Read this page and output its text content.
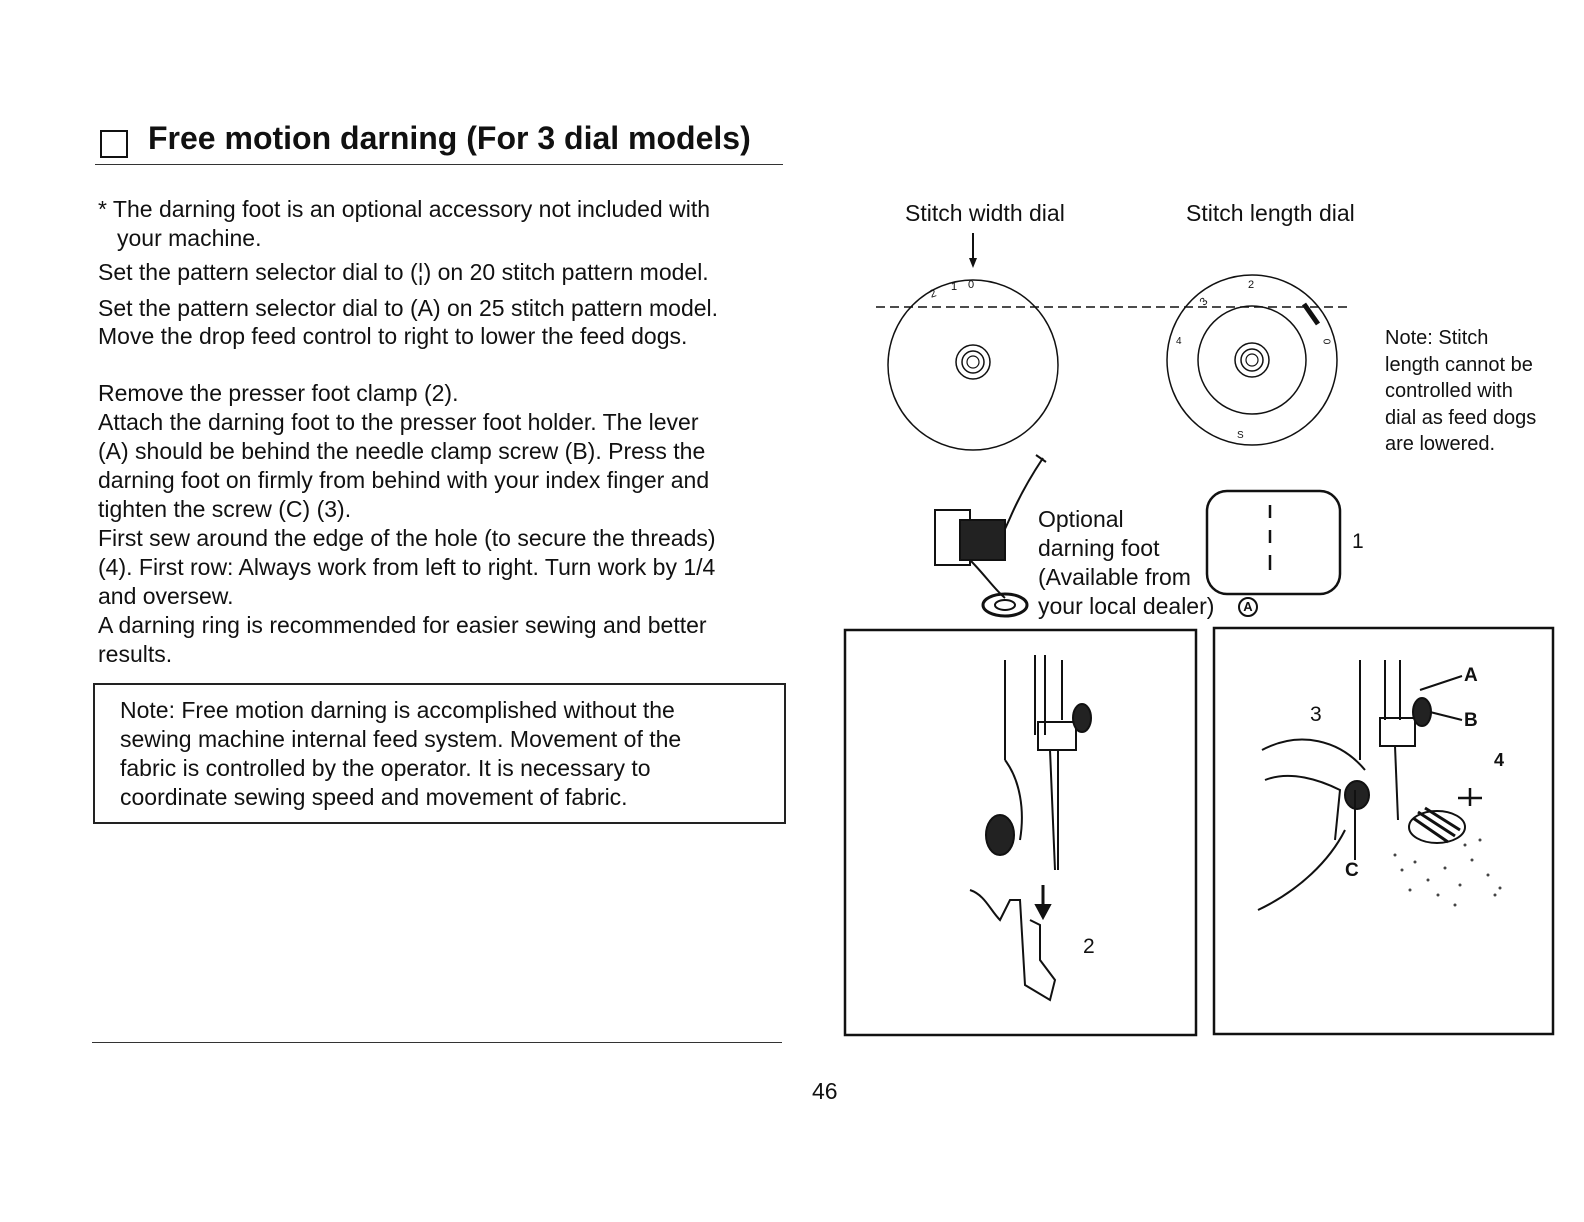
Free motion darning (For 3 dial models)
* The darning foot is an optional accessory not included with
your machine.
Set the pattern selector dial to (¦) on 20 stitch pattern model.
Set the pattern selector dial to (A) on 25 stitch pattern model.
Move the drop feed control to right to lower the feed dogs.
Remove the presser foot clamp (2).
Attach the darning foot to the presser foot holder. The lever
(A) should be behind the needle clamp screw (B). Press the
darning foot on firmly from behind with your index finger and
tighten the screw (C) (3).
First sew around the edge of the hole (to secure the threads)
(4). First row: Always work from left to right. Turn work by 1/4
and oversew.
A darning ring is recommended for easier sewing and better
results.
Note: Free motion darning is accomplished without the
sewing machine internal feed system. Movement of the
fabric is controlled by the operator. It is necessary to
coordinate sewing speed and movement of fabric.
46
Stitch width dial	Stitch length dial
Note: Stitch
length cannot be
controlled with
dial as feed dogs
are lowered.
Optional
darning foot
(Available from
your local dealer)
1
2
3
4
A
B
C
2
1 0	2
3
0
4
S
A
